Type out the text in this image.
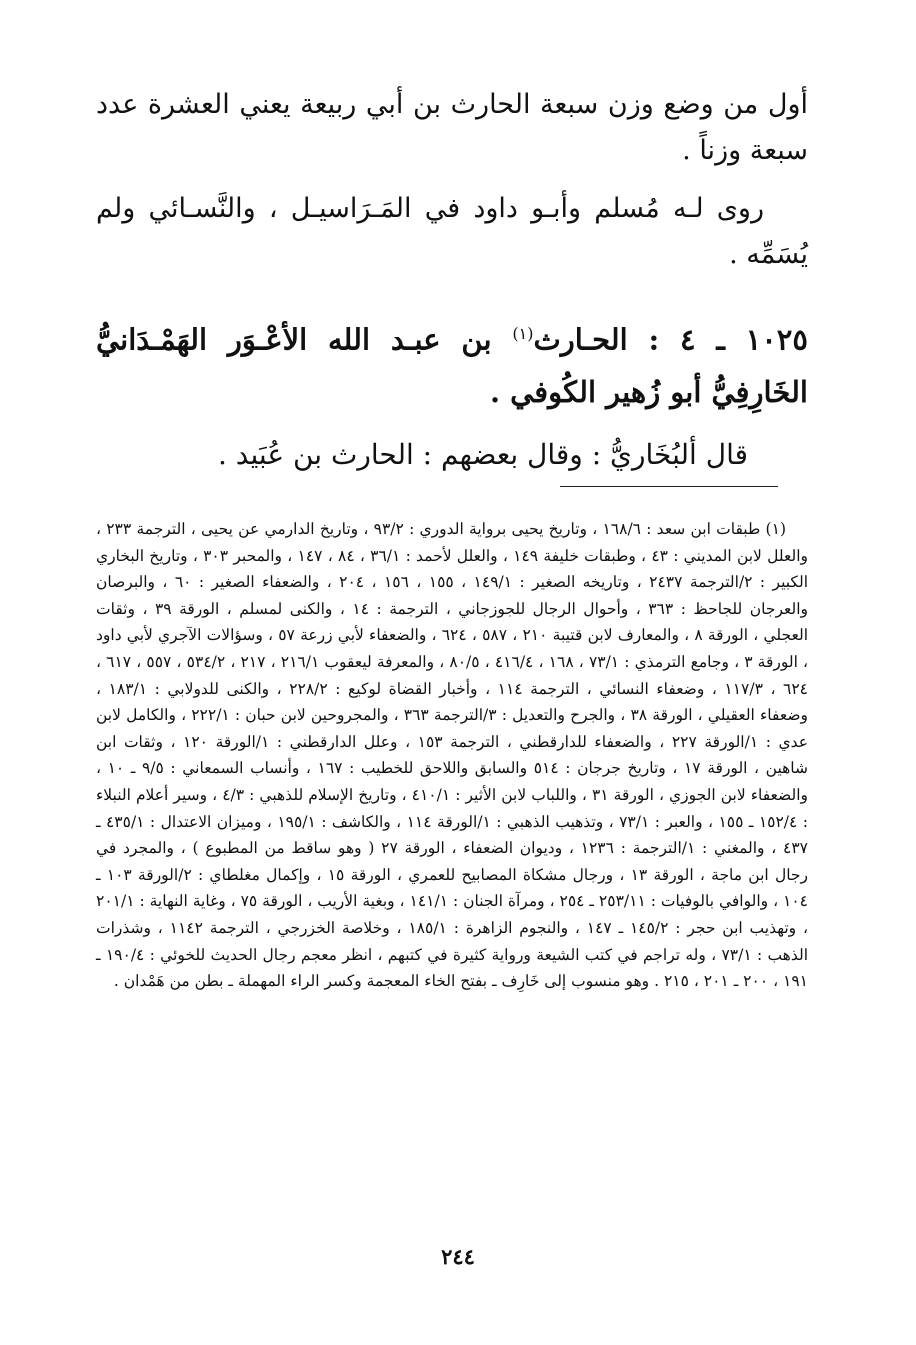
أول من وضع وزن سبعة الحارث بن أبي ربيعة يعني العشرة عدد سبعة وزناً .

روى لـه مُسلم وأبـو داود في المَـرَاسيـل ، والنَّسـائي ولم يُسَمِّه .

١٠٢٥ ـ ٤ : الحـارث$^{(١)}$ بن عبـد الله الأعْـوَر الهَمْـدَانيُّ الخَارِفِيُّ أبو زُهير الكُوفي .

قال ألبُخَاريُّ : وقال بعضهم : الحارث بن عُبَيد .

(١) طبقات ابن سعد : ١٦٨/٦ ، وتاريخ يحيى برواية الدوري : ٩٣/٢ ، وتاريخ الدارمي عن يحيى ، الترجمة ٢٣٣ ، والعلل لابن المديني : ٤٣ ، وطبقات خليفة ١٤٩ ، والعلل لأحمد : ٣٦/١ ، ٨٤ ، ١٤٧ ، والمحبر ٣٠٣ ، وتاريخ البخاري الكبير : ٢/الترجمة ٢٤٣٧ ، وتاريخه الصغير : ١٤٩/١ ، ١٥٥ ، ١٥٦ ، ٢٠٤ ، والضعفاء الصغير : ٦٠ ، والبرصان والعرجان للجاحظ : ٣٦٣ ، وأحوال الرجال للجوزجاني ، الترجمة : ١٤ ، والكنى لمسلم ، الورقة ٣٩ ، وثقات العجلي ، الورقة ٨ ، والمعارف لابن قتيبة ٢١٠ ، ٥٨٧ ، ٦٢٤ ، والضعفاء لأبي زرعة ٥٧ ، وسؤالات الآجري لأبي داود ، الورقة ٣ ، وجامع الترمذي : ٧٣/١ ، ١٦٨ ، ٤١٦/٤ ، ٨٠/٥ ، والمعرفة ليعقوب ٢١٦/١ ، ٢١٧ ، ٥٣٤/٢ ، ٥٥٧ ، ٦١٧ ، ٦٢٤ ، ١١٧/٣ ، وضعفاء النسائي ، الترجمة ١١٤ ، وأخبار القضاة لوكيع : ٢٢٨/٢ ، والكنى للدولابي : ١٨٣/١ ، وضعفاء العقيلي ، الورقة ٣٨ ، والجرح والتعديل : ٣/الترجمة ٣٦٣ ، والمجروحين لابن حبان : ٢٢٢/١ ، والكامل لابن عدي : ١/الورقة ٢٢٧ ، والضعفاء للدارقطني ، الترجمة ١٥٣ ، وعلل الدارقطني : ١/الورقة ١٢٠ ، وثقات ابن شاهين ، الورقة ١٧ ، وتاريخ جرجان : ٥١٤ والسابق واللاحق للخطيب : ١٦٧ ، وأنساب السمعاني : ٩/٥ ـ ١٠ ، والضعفاء لابن الجوزي ، الورقة ٣١ ، واللباب لابن الأثير : ٤١٠/١ ، وتاريخ الإسلام للذهبي : ٤/٣ ، وسير أعلام النبلاء : ١٥٢/٤ ـ ١٥٥ ، والعبر : ٧٣/١ ، وتذهيب الذهبي : ١/الورقة ١١٤ ، والكاشف : ١٩٥/١ ، وميزان الاعتدال : ٤٣٥/١ ـ ٤٣٧ ، والمغني : ١/الترجمة : ١٢٣٦ ، وديوان الضعفاء ، الورقة ٢٧ ( وهو ساقط من المطبوع ) ، والمجرد في رجال ابن ماجة ، الورقة ١٣ ، ورجال مشكاة المصابيح للعمري ، الورقة ١٥ ، وإكمال مغلطاي : ٢/الورقة ١٠٣ ـ ١٠٤ ، والوافي بالوفيات : ٢٥٣/١١ ـ ٢٥٤ ، ومرآة الجنان : ١٤١/١ ، وبغية الأريب ، الورقة ٧٥ ، وغاية النهاية : ٢٠١/١ ، وتهذيب ابن حجر : ١٤٥/٢ ـ ١٤٧ ، والنجوم الزاهرة : ١٨٥/١ ، وخلاصة الخزرجي ، الترجمة ١١٤٢ ، وشذرات الذهب : ٧٣/١ ، وله تراجم في كتب الشيعة ورواية كثيرة في كتبهم ، انظر معجم رجال الحديث للخوئي : ١٩٠/٤ ـ ١٩١ ، ٢٠٠ ـ ٢٠١ ، ٢١٥ . وهو منسوب إلى خَارِف ـ بفتح الخاء المعجمة وكسر الراء المهملة ـ بطن من هَمْدان .

٢٤٤
